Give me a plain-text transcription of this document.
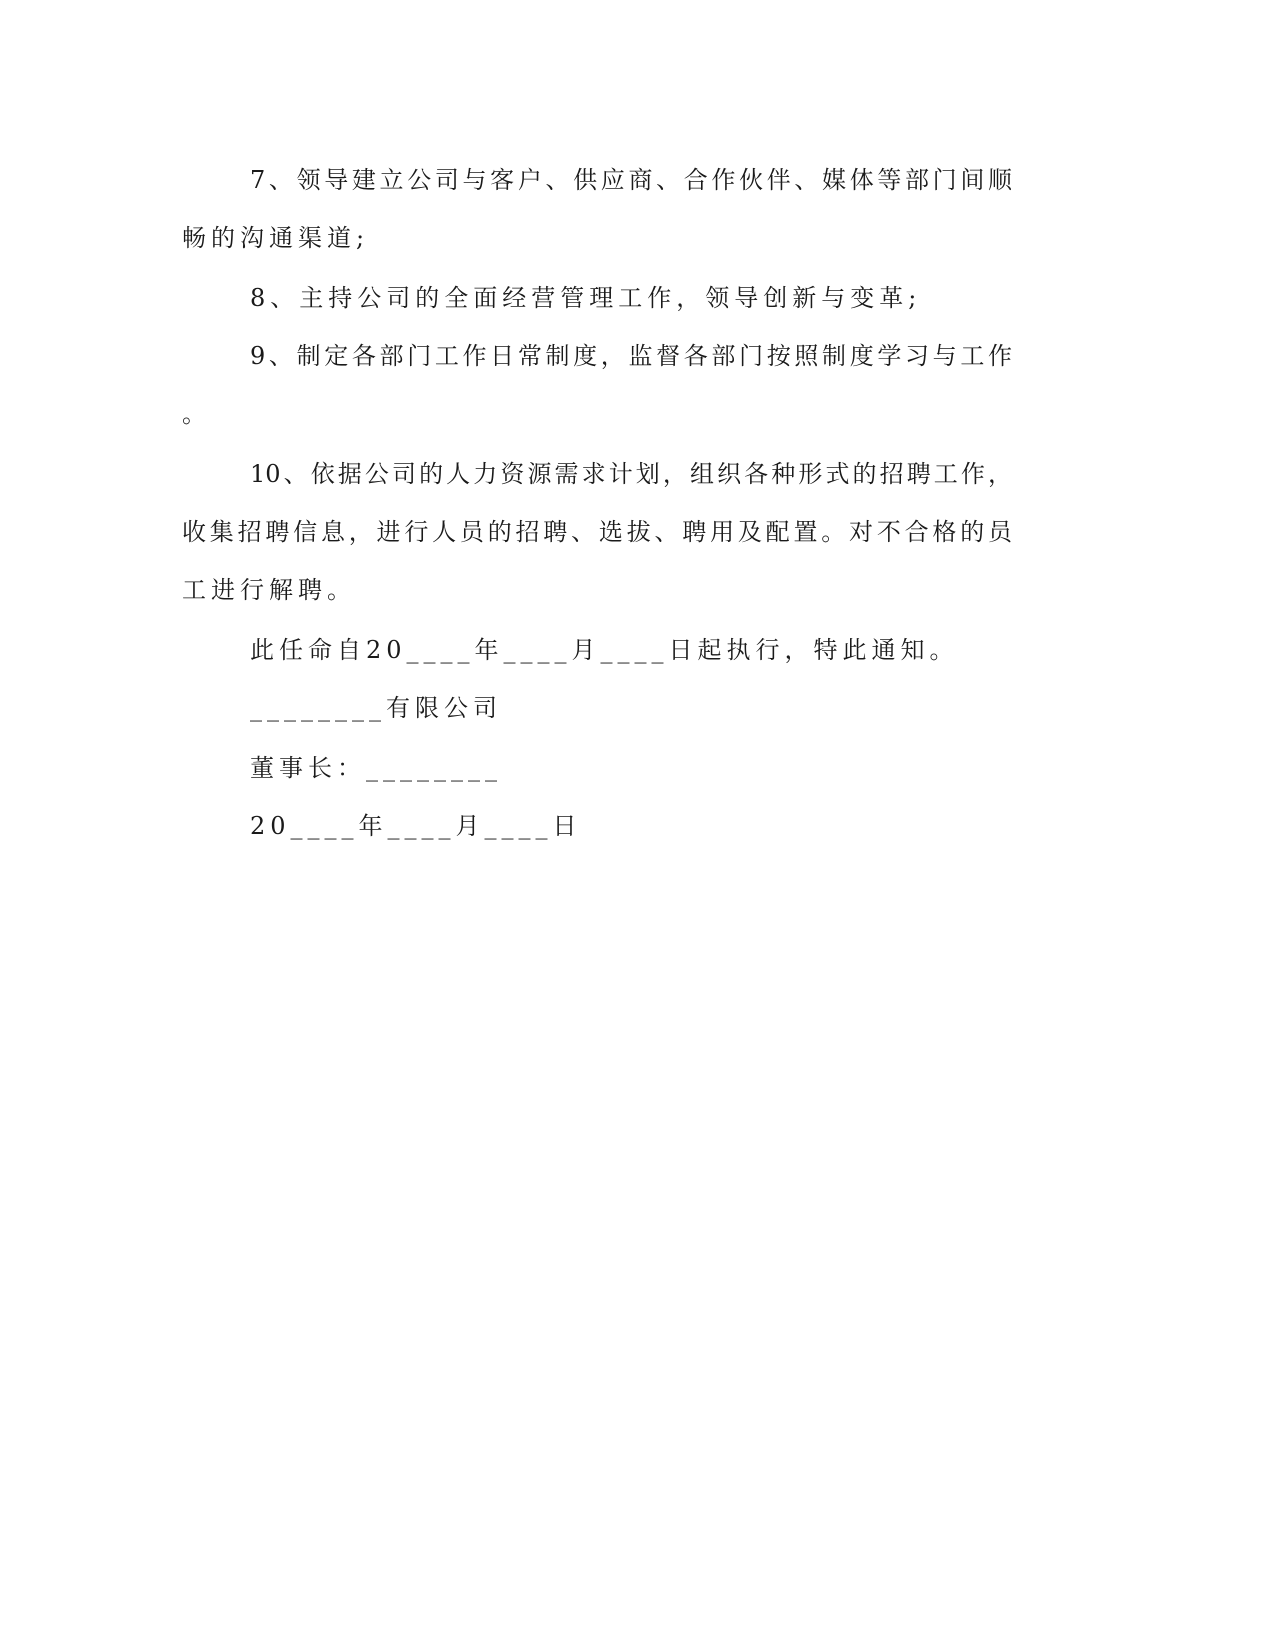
7、领导建立公司与客户、供应商、合作伙伴、媒体等部门间顺
畅的沟通渠道;
8、主持公司的全面经营管理工作，领导创新与变革;
9、制定各部门工作日常制度，监督各部门按照制度学习与工作
。
10、依据公司的人力资源需求计划，组织各种形式的招聘工作，
收集招聘信息，进行人员的招聘、选拔、聘用及配置。对不合格的员
工进行解聘。
此任命自20____年____月____日起执行，特此通知。
________有限公司
董事长：________
20____年____月____日
